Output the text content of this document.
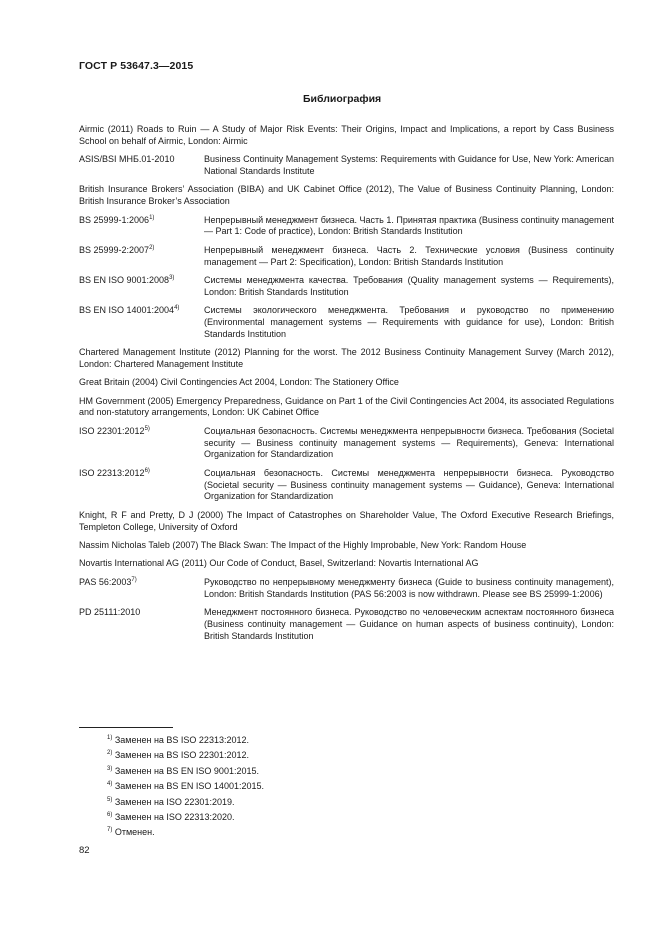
ГОСТ Р 53647.3—2015
Библиография
Airmic (2011) Roads to Ruin — A Study of Major Risk Events: Their Origins, Impact and Implications, a report by Cass Business School on behalf of Airmic, London: Airmic
ASIS/BSI МНБ.01-2010	Business Continuity Management Systems: Requirements with Guidance for Use, New York: American National Standards Institute
British Insurance Brokers’ Association (BIBA) and UK Cabinet Office (2012), The Value of Business Continuity Planning, London: British Insurance Broker’s Association
BS 25999-1:2006$^{1)}$	Непрерывный менеджмент бизнеса. Часть 1. Принятая практика (Business continuity management — Part 1: Code of practice), London: British Standards Institution
BS 25999-2:2007$^{2)}$	Непрерывный менеджмент бизнеса. Часть 2. Технические условия (Business continuity management — Part 2: Specification), London: British Standards Institution
BS EN ISO 9001:2008$^{3)}$	Системы менеджмента качества. Требования (Quality management systems — Requirements), London: British Standards Institution
BS EN ISO 14001:2004$^{4)}$	Системы экологического менеджмента. Требования и руководство по применению (Environmental management systems — Requirements with guidance for use), London: British Standards Institution
Chartered Management Institute (2012) Planning for the worst. The 2012 Business Continuity Management Survey (March 2012), London: Chartered Management Institute
Great Britain (2004) Civil Contingencies Act 2004, London: The Stationery Office
HM Government (2005) Emergency Preparedness, Guidance on Part 1 of the Civil Contingencies Act 2004, its associated Regulations and non-statutory arrangements, London: UK Cabinet Office
ISO 22301:2012$^{5)}$	Социальная безопасность. Системы менеджмента непрерывности бизнеса. Требования (Societal security — Business continuity management systems — Requirements), Geneva: International Organization for Standardization
ISO 22313:2012$^{6)}$	Социальная безопасность. Системы менеджмента непрерывности бизнеса. Руководство (Societal security — Business continuity management systems — Guidance), Geneva: International Organization for Standardization
Knight, R F and Pretty, D J (2000) The Impact of Catastrophes on Shareholder Value, The Oxford Executive Research Briefings, Templeton College, University of Oxford
Nassim Nicholas Taleb (2007) The Black Swan: The Impact of the Highly Improbable, New York: Random House
Novartis International AG (2011) Our Code of Conduct, Basel, Switzerland: Novartis International AG
PAS 56:2003$^{7)}$	Руководство по непрерывному менеджменту бизнеса (Guide to business continuity management), London: British Standards Institution (PAS 56:2003 is now withdrawn. Please see BS 25999-1:2006)
PD 25111:2010	Менеджмент постоянного бизнеса. Руководство по человеческим аспектам постоянного бизнеса (Business continuity management — Guidance on human aspects of business continuity), London: British Standards Institution
$^{1)}$ Заменен на BS ISO 22313:2012.
$^{2)}$ Заменен на BS ISO 22301:2012.
$^{3)}$ Заменен на BS EN ISO 9001:2015.
$^{4)}$ Заменен на BS EN ISO 14001:2015.
$^{5)}$ Заменен на ISO 22301:2019.
$^{6)}$ Заменен на ISO 22313:2020.
$^{7)}$ Отменен.
82
